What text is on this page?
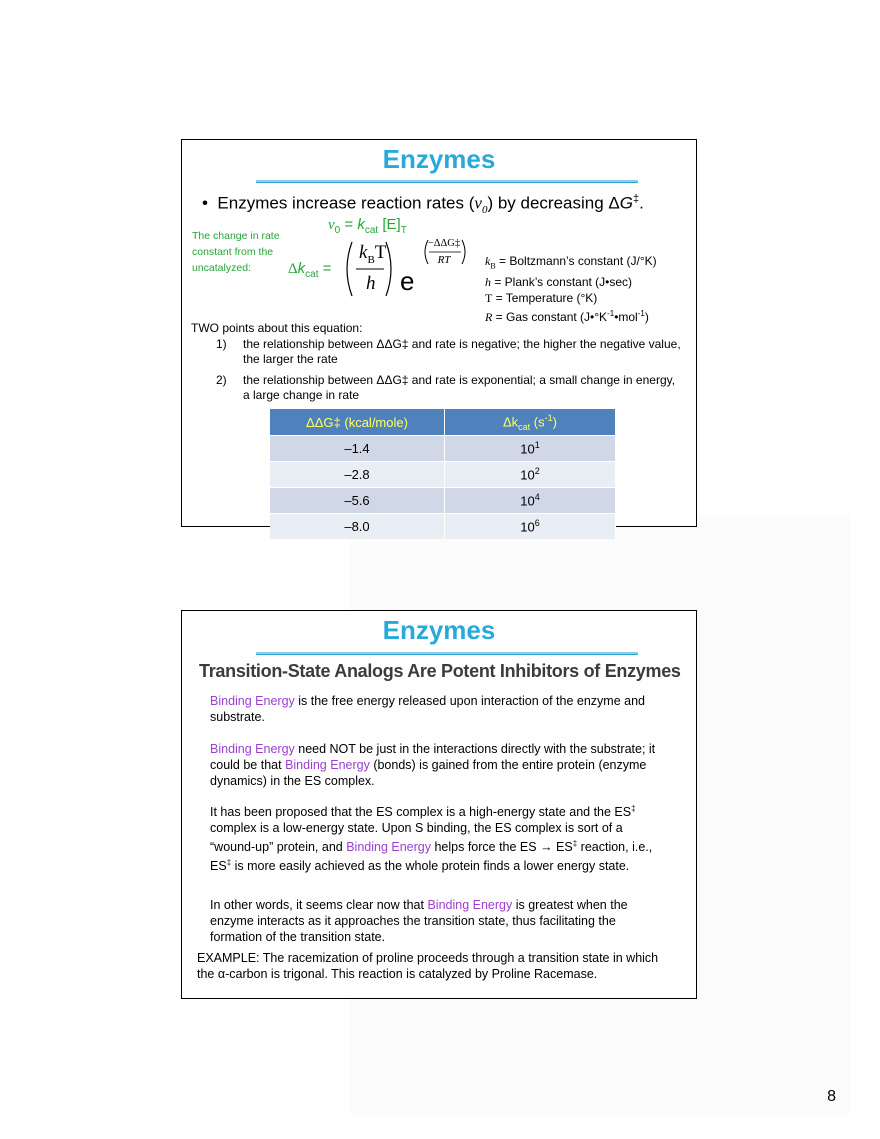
Enzymes
•  Enzymes increase reaction rates $(v_0)$ by decreasing ΔG‡.
$v_0 = k_{cat}$ $[E]_T$
The change in rate constant from the uncatalyzed:	$\Delta k_{cat}$ =
$k_BT$
h e
−ΔΔG‡
RT	$k_B$ = Boltzmann’s constant (J/°K)
h = Plank’s constant (J•sec)
T = Temperature (°K)
R = Gas constant $(J•^\circ K^{-1}•mol^{-1})$
TWO points about this equation:
1) the relationship between ΔΔG‡ and rate is negative; the higher the negative value, the larger the rate
2) the relationship between ΔΔG‡ and rate is exponential; a small change in energy, a large change in rate
ΔΔG‡ (kcal/mole)	$\Delta k_{cat}$ $(s^{-1})$
–1.4	$10^1$
–2.8	$10^2$
–5.6	$10^4$
–8.0	$10^6$
Enzymes
Transition-State Analogs Are Potent Inhibitors of Enzymes
Binding Energy is the free energy released upon interaction of the enzyme and substrate.
Binding Energy need NOT be just in the interactions directly with the substrate; it could be that Binding Energy (bonds) is gained from the entire protein (enzyme dynamics) in the ES complex.
It has been proposed that the ES complex is a high-energy state and the ES‡ complex is a low-energy state. Upon S binding, the ES complex is sort of a “wound-up” protein, and Binding Energy helps force the ES → ES‡ reaction, i.e., ES‡ is more easily achieved as the whole protein finds a lower energy state.
In other words, it seems clear now that Binding Energy is greatest when the enzyme interacts as it approaches the transition state, thus facilitating the formation of the transition state.
EXAMPLE: The racemization of proline proceeds through a transition state in which the α-carbon is trigonal. This reaction is catalyzed by Proline Racemase.
8
